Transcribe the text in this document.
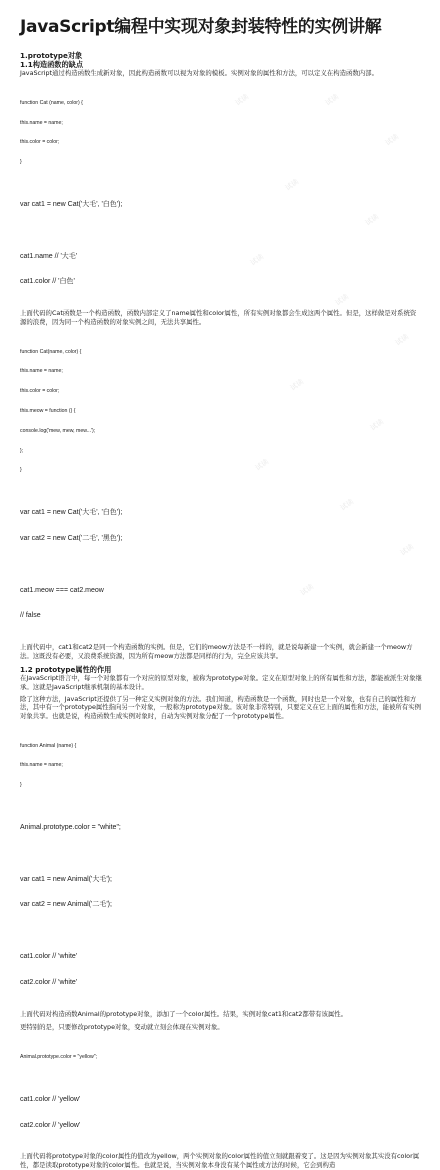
JavaScript编程中实现对象封装特性的实例讲解
1.prototype对象
1.1构造函数的缺点

JavaScript通过构造函数生成新对象，因此构造函数可以视为对象的模板。实例对象的属性和方法，可以定义在构造函数内部。

function Cat (name, color) {

this.name = name;

this.color = color;

}

var cat1 = new Cat('大毛', '白色');

cat1.name // '大毛'

cat1.color // '白色'

上面代码的Cat函数是一个构造函数，函数内部定义了name属性和color属性，所有实例对象都会生成这两个属性。但是，这样做是对系统资源的浪费，因为同一个构造函数的对象实例之间，无法共享属性。

function Cat(name, color) {

this.name = name;

this.color = color;

this.meow = function () {

console.log('mew, mew, mew...');

};

}

var cat1 = new Cat('大毛', '白色');

var cat2 = new Cat('二毛', '黑色');

cat1.meow === cat2.meow

// false

上面代码中，cat1和cat2是同一个构造函数的实例。但是，它们的meow方法是不一样的，就是说每新建一个实例，就会新建一个meow方法。这既没有必要，又浪费系统资源，因为所有meow方法都是同样的行为，完全应该共享。

1.2 prototype属性的作用

在JavaScript语言中，每一个对象都有一个对应的原型对象，被称为prototype对象。定义在原型对象上的所有属性和方法，都能被派生对象继承。这就是JavaScript继承机制的基本设计。

除了这种方法，JavaScript还提供了另一种定义实例对象的方法。我们知道，构造函数是一个函数，同时也是一个对象，也有自己的属性和方法，其中有一个prototype属性指向另一个对象，一般称为prototype对象。该对象非常特别，只要定义在它上面的属性和方法，能被所有实例对象共享。也就是说，构造函数生成实例对象时，自动为实例对象分配了一个prototype属性。

function Animal (name) {

this.name = name;

}

Animal.prototype.color = "white";

var cat1 = new Animal('大毛');

var cat2 = new Animal('二毛');

cat1.color // 'white'

cat2.color // 'white'

上面代码对构造函数Animal的prototype对象，添加了一个color属性。结果，实例对象cat1和cat2都带有该属性。

更特别的是，只要修改prototype对象，变动就立刻会体现在实例对象。

Animal.prototype.color = "yellow";

cat1.color // 'yellow'

cat2.color // 'yellow'

上面代码将prototype对象的color属性的值改为yellow，两个实例对象的color属性的值立刻就跟着变了。这是因为实例对象其实没有color属性，都是读取prototype对象的color属性。也就是说，当实例对象本身没有某个属性或方法的时候，它会到构造

试读	试读
试读
试读
试读
试读
试读
试读
试读
试读
试读
试读
试读
试读
